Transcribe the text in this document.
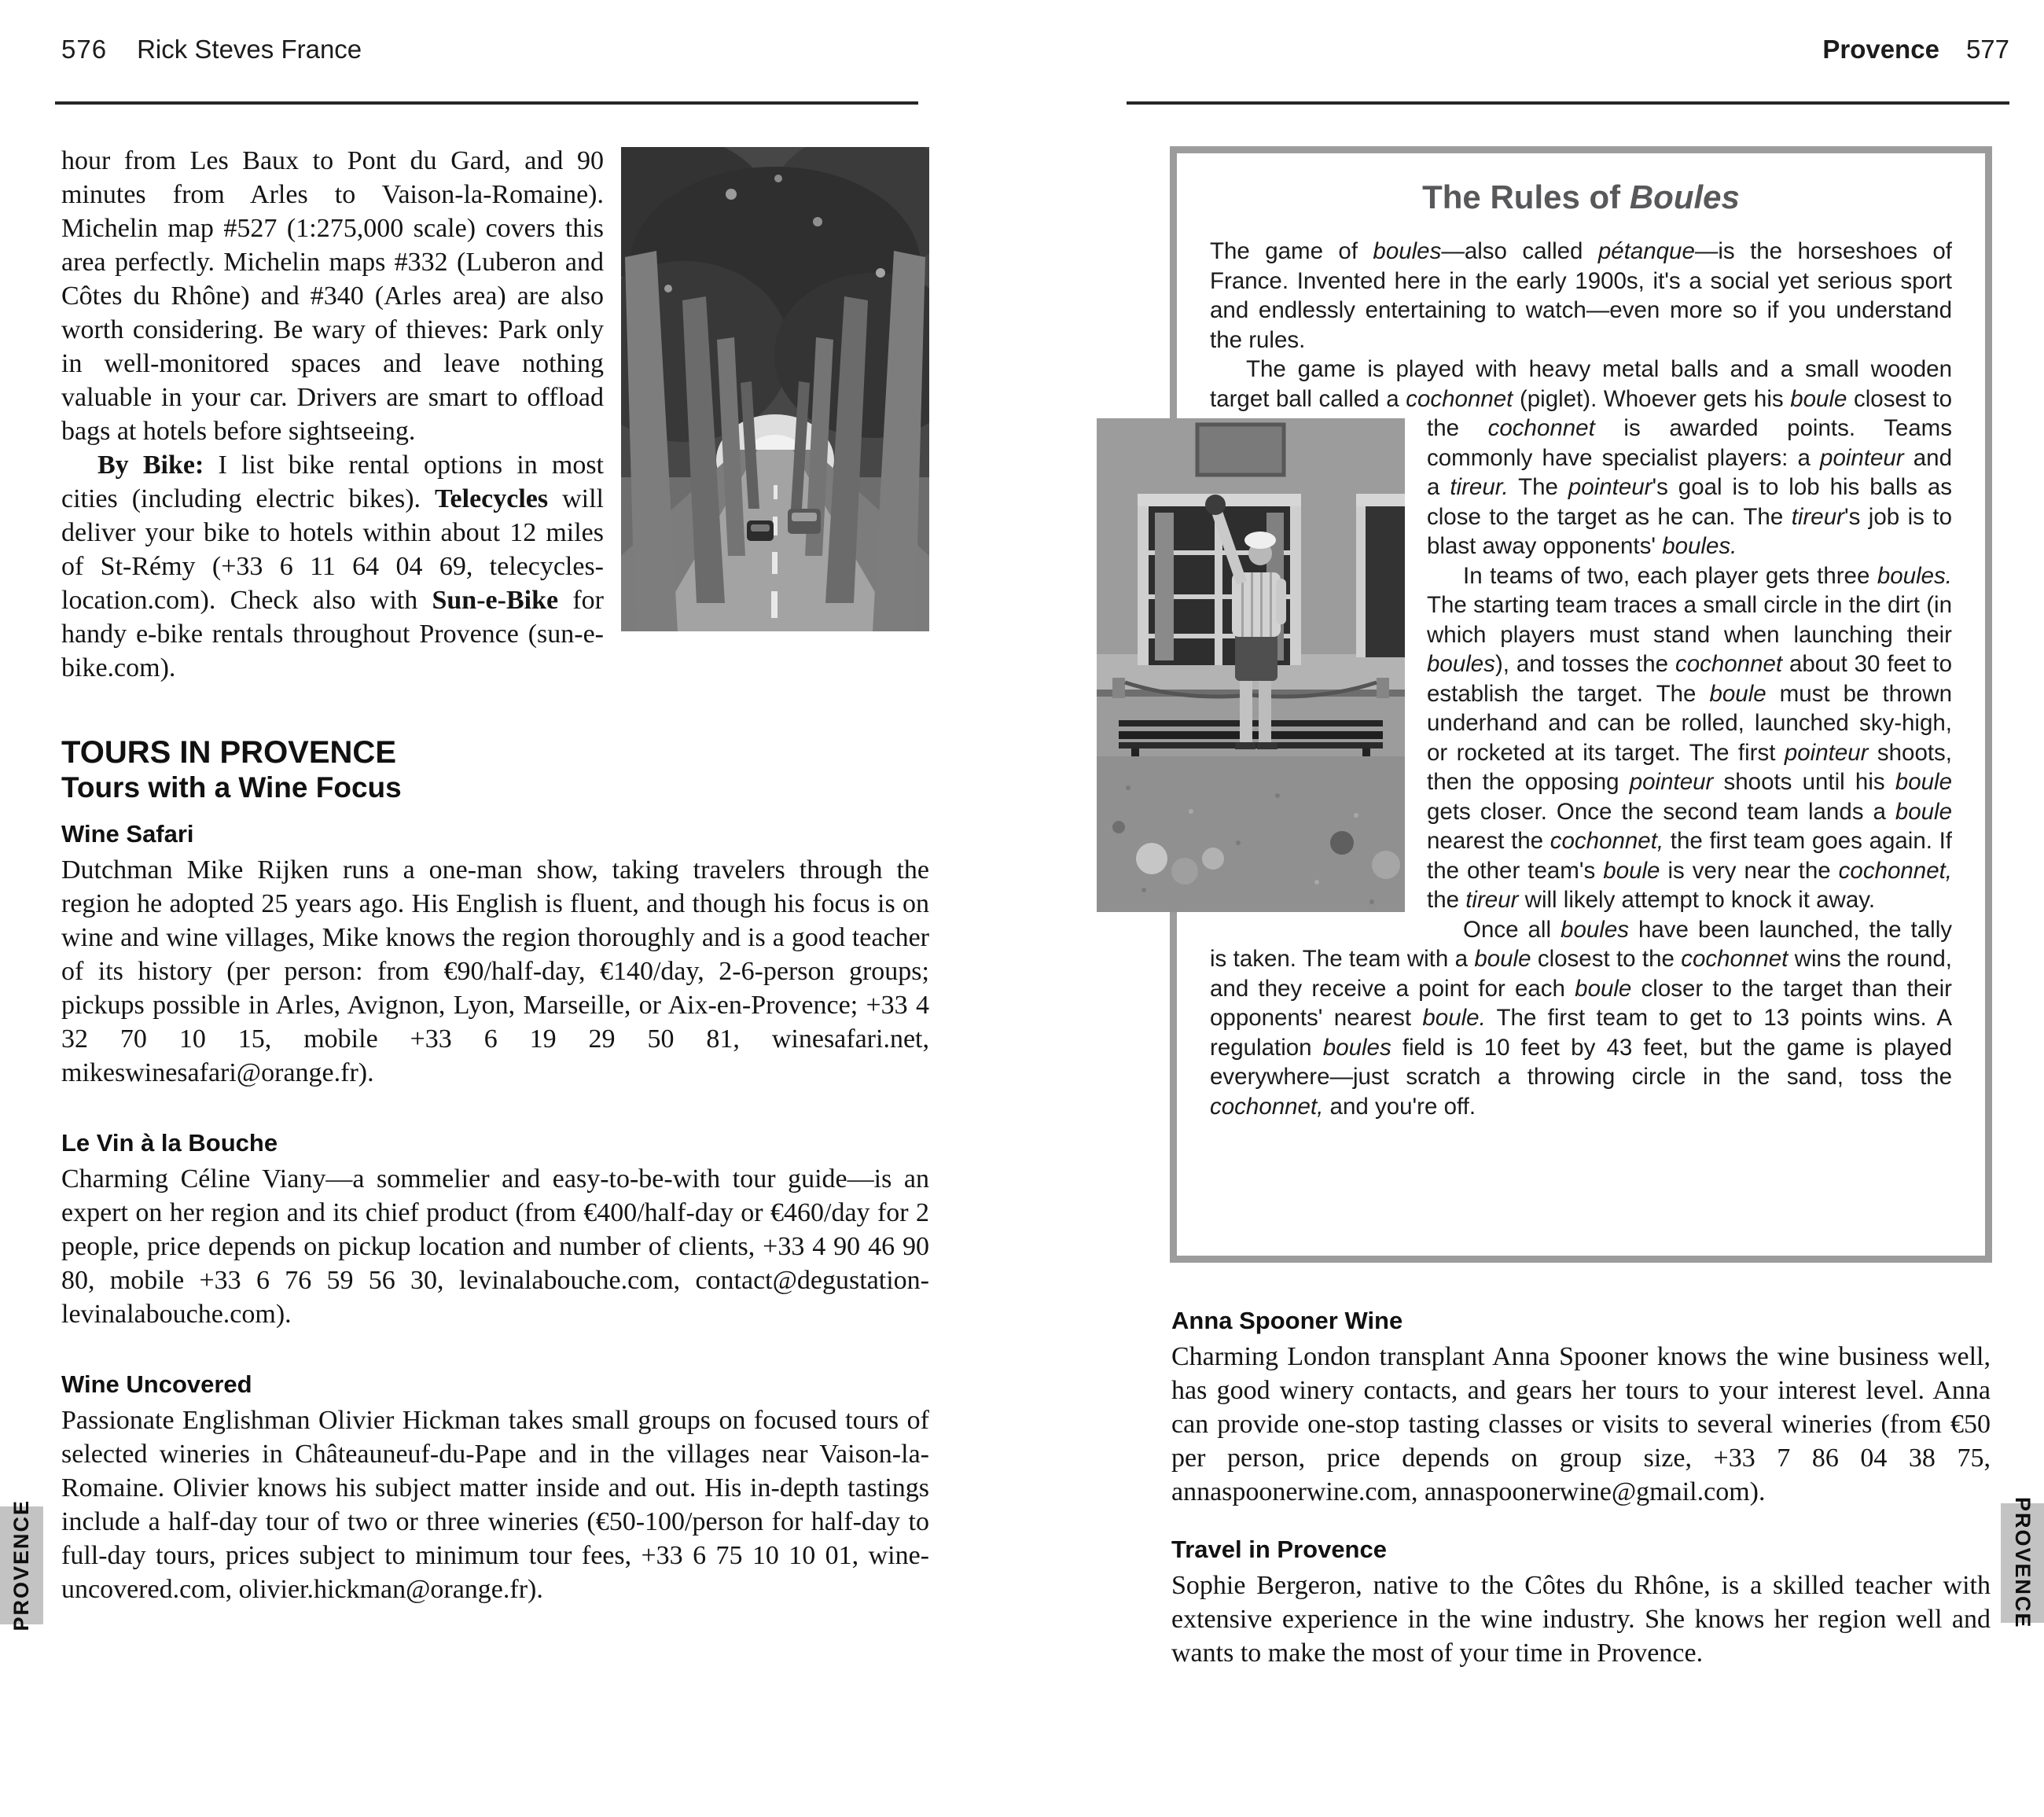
576 Rick Steves France	Provence 577

hour from Les Baux to Pont du Gard, and 90 minutes from Arles to Vaison-la-Romaine). Michelin map #527 (1:275,000 scale) covers this area perfectly. Michelin maps #332 (Luberon and Côtes du Rhône) and #340 (Arles area) are also worth considering. Be wary of thieves: Park only in well-monitored spaces and leave nothing valuable in your car. Drivers are smart to offload bags at hotels before sightseeing.

By Bike: I list bike rental options in most cities (including electric bikes). Telecycles will deliver your bike to hotels within about 12 miles of St-Rémy (+33 6 11 64 04 69, telecycles-location.com). Check also with Sun-e-Bike for handy e-bike rentals throughout Provence (sun-e-bike.com).

TOURS IN PROVENCE
Tours with a Wine Focus
Wine Safari

Dutchman Mike Rijken runs a one-man show, taking travelers through the region he adopted 25 years ago. His English is fluent, and though his focus is on wine and wine villages, Mike knows the region thoroughly and is a good teacher of its history (per person: from €90/half-day, €140/day, 2-6-person groups; pickups possible in Arles, Avignon, Lyon, Marseille, or Aix-en-Provence; +33 4 32 70 10 15, mobile +33 6 19 29 50 81, winesafari.net, mikeswinesafari@orange.fr).

Le Vin à la Bouche

Charming Céline Viany—a sommelier and easy-to-be-with tour guide—is an expert on her region and its chief product (from €400/half-day or €460/day for 2 people, price depends on pickup location and number of clients, +33 4 90 46 90 80, mobile +33 6 76 59 56 30, levinalabouche.com, contact@degustation-levinalabouche.com).

Wine Uncovered

Passionate Englishman Olivier Hickman takes small groups on focused tours of selected wineries in Châteauneuf-du-Pape and in the villages near Vaison-la-Romaine. Olivier knows his subject matter inside and out. His in-depth tastings include a half-day tour of two or three wineries (€50-100/person for half-day to full-day tours, prices subject to minimum tour fees, +33 6 75 10 10 01, wine-uncovered.com, olivier.hickman@orange.fr).

The Rules of Boules

The game of boules—also called pétanque—is the horseshoes of France. Invented here in the early 1900s, it's a social yet serious sport and endlessly entertaining to watch—even more so if you understand the rules.

The game is played with heavy metal balls and a small wooden target ball called a cochonnet (piglet). Whoever gets
his boule closest to the cochonnet is awarded points. Teams commonly have specialist players: a pointeur and a tireur. The pointeur's goal is to lob his balls as close to the target as he can. The tireur's job is to blast away opponents' boules.

In teams of two, each player gets three boules. The starting team traces a small circle in the dirt (in which players must stand when launching their boules), and tosses the cochonnet about 30 feet to establish the target. The boule must be thrown underhand and can be rolled, launched sky-high, or rocketed at its target. The first pointeur shoots, then the opposing pointeur shoots until his boule gets closer. Once the second team lands a boule nearest the cochonnet, the first team goes again. If the other team's boule is very near the cochonnet, the tireur will likely attempt to knock it away.

Once all boules have been launched, the tally is taken. The team with a boule closest to the cochonnet wins the round, and they receive a point for each boule closer to the target than their opponents' nearest boule. The first team to get to 13 points wins. A regulation boules field is 10 feet by 43 feet, but the game is played everywhere—just scratch a throwing circle in the sand, toss the cochonnet, and you're off.

Anna Spooner Wine

Charming London transplant Anna Spooner knows the wine business well, has good winery contacts, and gears her tours to your interest level. Anna can provide one-stop tasting classes or visits to several wineries (from €50 per person, price depends on group size, +33 7 86 04 38 75, annaspoonerwine.com, annaspoonerwine@gmail.com).

Travel in Provence

Sophie Bergeron, native to the Côtes du Rhône, is a skilled teacher with extensive experience in the wine industry. She knows her region well and wants to make the most of your time in Provence.

PROVENCE	PROVENCE
